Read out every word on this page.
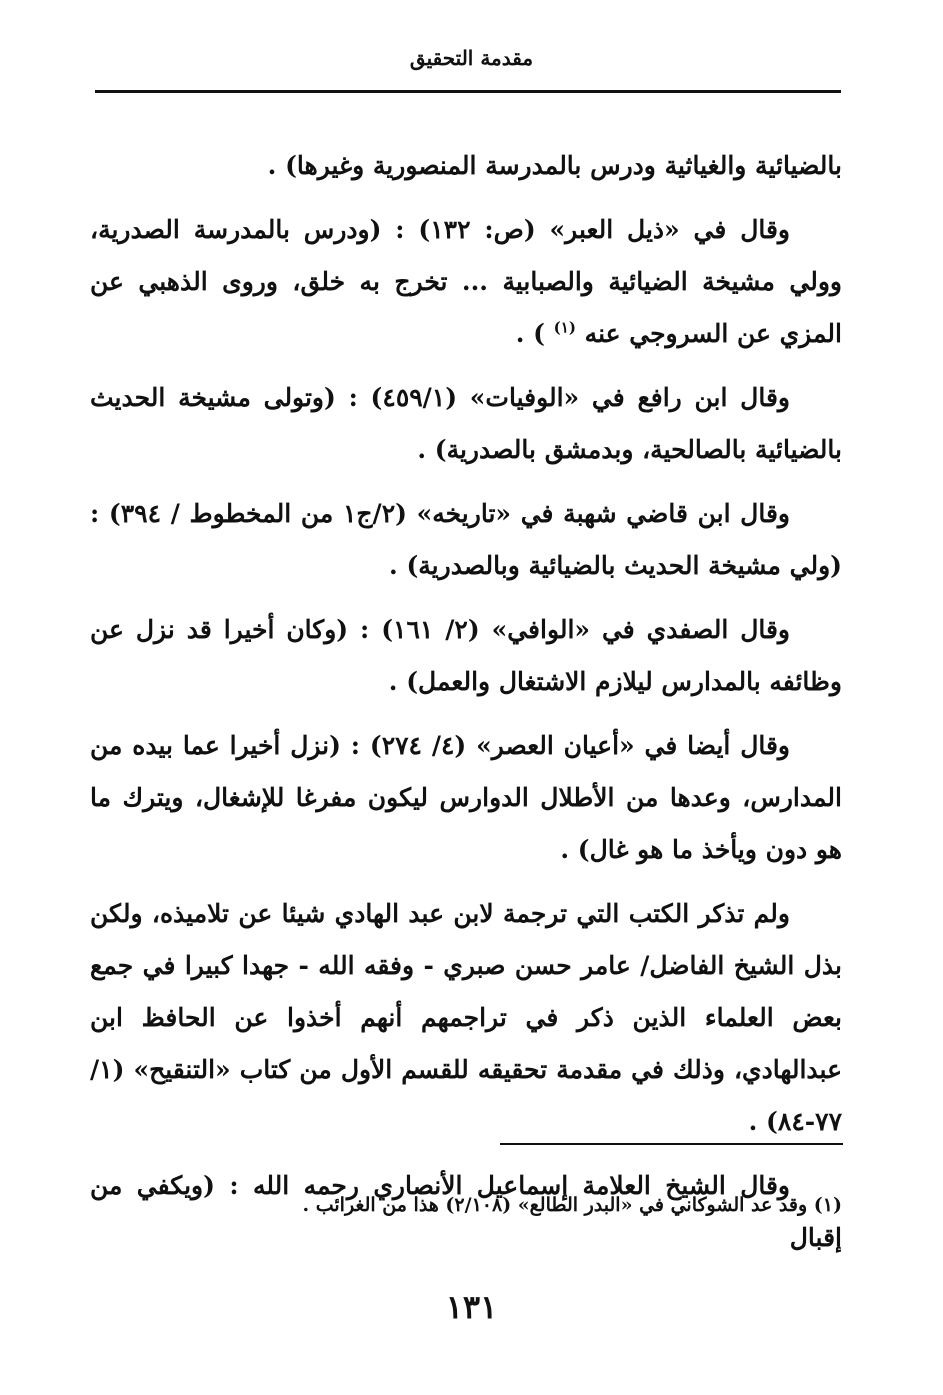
مقدمة التحقيق

بالضيائية والغياثية ودرس بالمدرسة المنصورية وغيرها) .

وقال في «ذيل العبر» (ص: ١٣٢) : (ودرس بالمدرسة الصدرية، وولي مشيخة الضيائية والصبابية ... تخرج به خلق، وروى الذهبي عن المزي عن السروجي عنه $^{(١)}$ ) .

وقال ابن رافع في «الوفيات» (٤٥٩/١) : (وتولى مشيخة الحديث بالضيائية بالصالحية، وبدمشق بالصدرية) .

وقال ابن قاضي شهبة في «تاريخه» (٢/ج١ من المخطوط / ٣٩٤) : (ولي مشيخة الحديث بالضيائية وبالصدرية) .

وقال الصفدي في «الوافي» (٢/ ١٦١) : (وكان أخيرا قد نزل عن وظائفه بالمدارس ليلازم الاشتغال والعمل) .

وقال أيضا في «أعيان العصر» (٤/ ٢٧٤) : (نزل أخيرا عما بيده من المدارس، وعدها من الأطلال الدوارس ليكون مفرغا للإشغال، ويترك ما هو دون ويأخذ ما هو غال) .

ولم تذكر الكتب التي ترجمة لابن عبد الهادي شيئا عن تلاميذه، ولكن بذل الشيخ الفاضل/ عامر حسن صبري - وفقه الله - جهدا كبيرا في جمع بعض العلماء الذين ذكر في تراجمهم أنهم أخذوا عن الحافظ ابن عبدالهادي، وذلك في مقدمة تحقيقه للقسم الأول من كتاب «التنقيح» (١/ ٧٧-٨٤) .

وقال الشيخ العلامة إسماعيل الأنصاري رحمه الله : (ويكفي من إقبال

(١) وقد عد الشوكاني في «البدر الطالع» (٢/١٠٨) هذا من الغرائب .
١٣١
